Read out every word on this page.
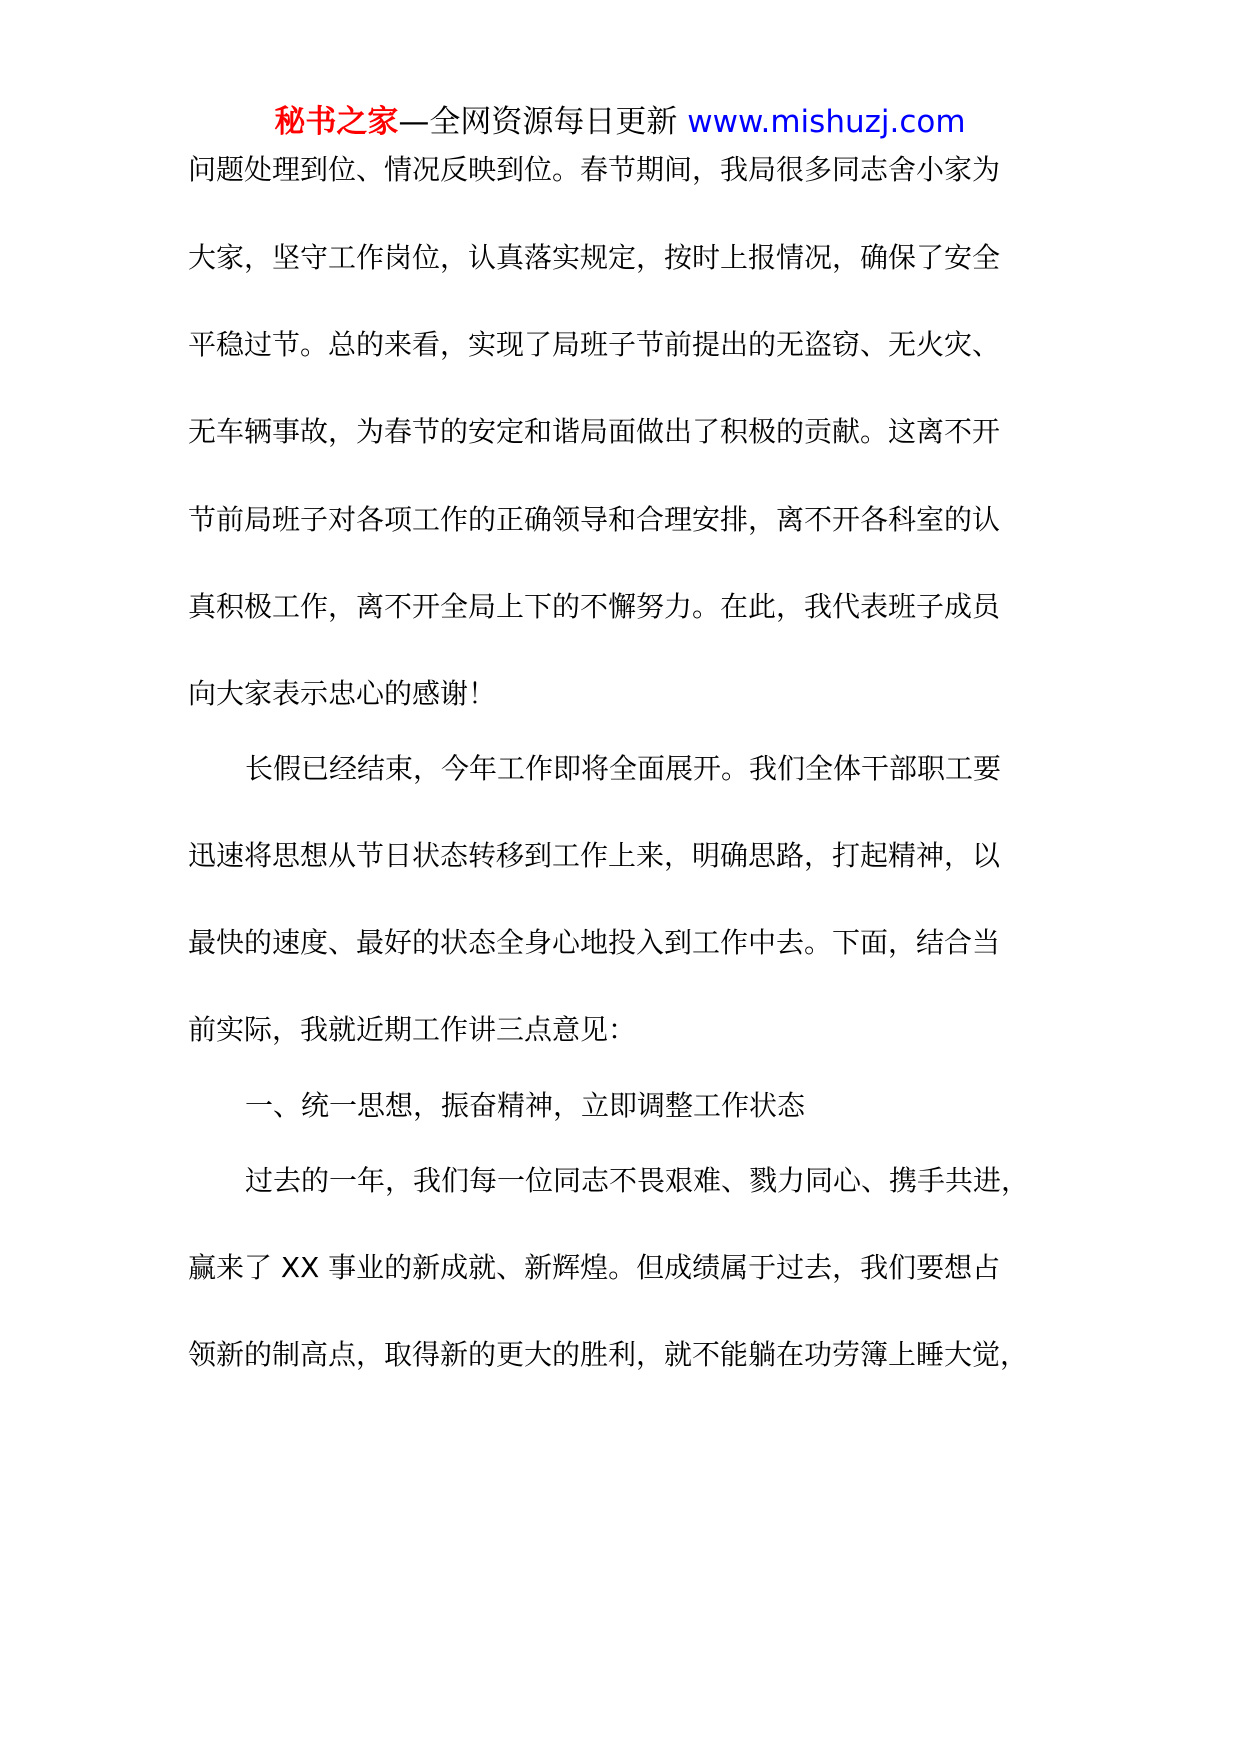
秘书之家—全网资源每日更新 www.mishuzj.com
问题处理到位、情况反映到位。春节期间，我局很多同志舍小家为
大家，坚守工作岗位，认真落实规定，按时上报情况，确保了安全
平稳过节。总的来看，实现了局班子节前提出的无盗窃、无火灾、
无车辆事故，为春节的安定和谐局面做出了积极的贡献。这离不开
节前局班子对各项工作的正确领导和合理安排，离不开各科室的认
真积极工作，离不开全局上下的不懈努力。在此，我代表班子成员
向大家表示忠心的感谢！
长假已经结束，今年工作即将全面展开。我们全体干部职工要
迅速将思想从节日状态转移到工作上来，明确思路，打起精神，以
最快的速度、最好的状态全身心地投入到工作中去。下面，结合当
前实际，我就近期工作讲三点意见：
一、统一思想，振奋精神，立即调整工作状态
过去的一年，我们每一位同志不畏艰难、戮力同心、携手共进，
赢来了 XX 事业的新成就、新辉煌。但成绩属于过去，我们要想占
领新的制高点，取得新的更大的胜利，就不能躺在功劳簿上睡大觉，
